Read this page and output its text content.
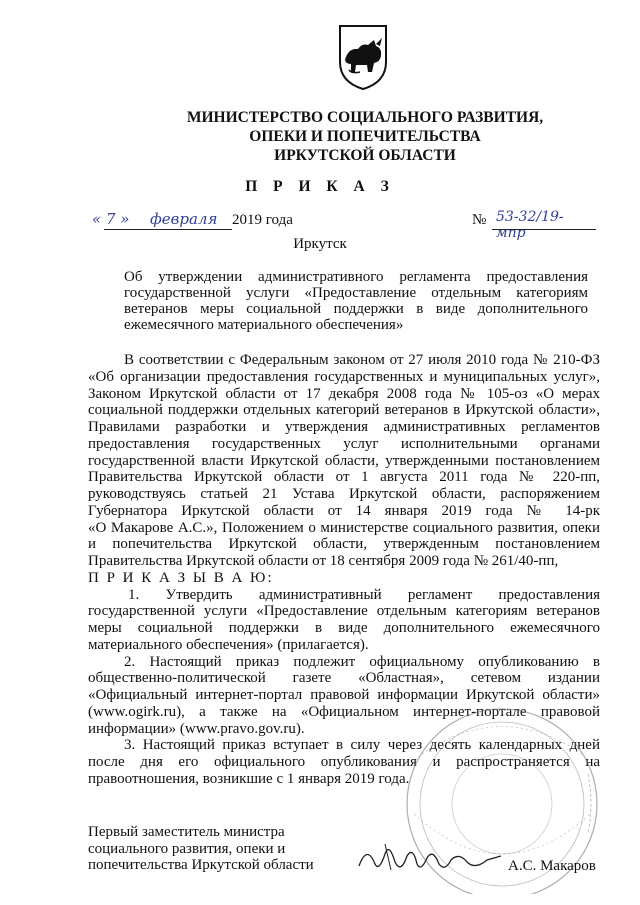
МИНИСТЕРСТВО СОЦИАЛЬНОГО РАЗВИТИЯ,
ОПЕКИ И ПОПЕЧИТЕЛЬСТВА
ИРКУТСКОЙ ОБЛАСТИ
П Р И К А З
« 7 » февраля 2019 года	№ 53-32/19-мпр
Иркутск
Об утверждении административного регламента предоставления
государственной услуги «Предоставление отдельным категориям
ветеранов меры социальной поддержки в виде дополнительного
ежемесячного материального обеспечения»
В соответствии с Федеральным законом от 27 июля 2010 года № 210-ФЗ
«Об организации предоставления государственных и муниципальных услуг»,
Законом Иркутской области от 17 декабря 2008 года № 105-оз «О мерах
социальной поддержки отдельных категорий ветеранов в Иркутской области»,
Правилами разработки и утверждения административных регламентов
предоставления государственных услуг исполнительными органами
государственной власти Иркутской области, утвержденными постановлением
Правительства Иркутской области от 1 августа 2011 года № 220-пп,
руководствуясь статьей 21 Устава Иркутской области, распоряжением
Губернатора Иркутской области от 14 января 2019 года № 14-рк
«О Макарове А.С.», Положением о министерстве социального развития, опеки
и попечительства Иркутской области, утвержденным постановлением
Правительства Иркутской области от 18 сентября 2009 года № 261/40-пп,
П Р И К А З Ы В А Ю:
1. Утвердить административный регламент предоставления
государственной услуги «Предоставление отдельным категориям ветеранов
меры социальной поддержки в виде дополнительного ежемесячного
материального обеспечения» (прилагается).
2. Настоящий приказ подлежит официальному опубликованию в
общественно-политической газете «Областная», сетевом издании
«Официальный интернет-портал правовой информации Иркутской области»
(www.ogirk.ru), а также на «Официальном интернет-портале правовой
информации» (www.pravo.gov.ru).
3. Настоящий приказ вступает в силу через десять календарных дней
после дня его официального опубликования и распространяется на
правоотношения, возникшие с 1 января 2019 года.
Первый заместитель министра
социального развития, опеки и
попечительства Иркутской области	А.С. Макаров
